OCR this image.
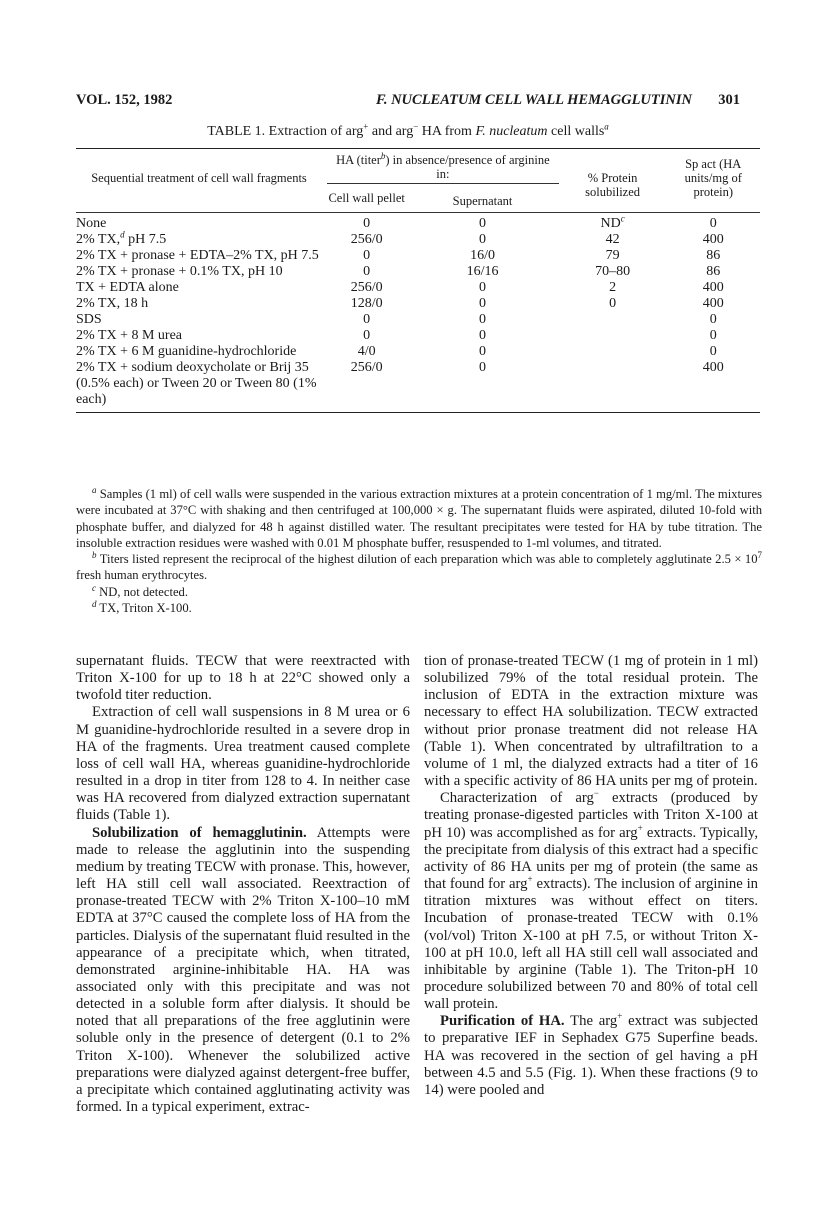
VOL. 152, 1982	F. NUCLEATUM CELL WALL HEMAGGLUTININ 301
TABLE 1. Extraction of arg+ and arg− HA from F. nucleatum cell walls$^a$
Sequential treatment of cell wall fragments	HA (titer$^b$) in absence/presence of arginine in:		% Protein solubilized	Sp act (HA units/mg of protein)
	Cell wall pellet	Supernatant		
None	0	0	$ND^c$	0
2% TX,$^d$ pH 7.5	256/0	0	42	400
2% TX + pronase + EDTA–2% TX, pH 7.5	0	16/0	79	86
2% TX + pronase + 0.1% TX, pH 10	0	16/16	70–80	86
TX + EDTA alone	256/0	0	2	400
2% TX, 18 h	128/0	0	0	400
SDS	0	0		0
2% TX + 8 M urea	0	0		0
2% TX + 6 M guanidine-hydrochloride	4/0	0		0
2% TX + sodium deoxycholate or Brij 35 (0.5% each) or Tween 20 or Tween 80 (1% each)	256/0	0		400

$^a$ Samples (1 ml) of cell walls were suspended in the various extraction mixtures at a protein concentration of 1 mg/ml. The mixtures were incubated at 37°C with shaking and then centrifuged at 100,000 × g. The supernatant fluids were aspirated, diluted 10-fold with phosphate buffer, and dialyzed for 48 h against distilled water. The resultant precipitates were tested for HA by tube titration. The insoluble extraction residues were washed with 0.01 M phosphate buffer, resuspended to 1-ml volumes, and titrated.

$^b$ Titers listed represent the reciprocal of the highest dilution of each preparation which was able to completely agglutinate $2.5 \times 10^7$ fresh human erythrocytes.

$^c$ ND, not detected.

$^d$ TX, Triton X-100.

supernatant fluids. TECW that were reextracted with Triton X-100 for up to 18 h at 22°C showed only a twofold titer reduction.

Extraction of cell wall suspensions in 8 M urea or 6 M guanidine-hydrochloride resulted in a severe drop in HA of the fragments. Urea treatment caused complete loss of cell wall HA, whereas guanidine-hydrochloride resulted in a drop in titer from 128 to 4. In neither case was HA recovered from dialyzed extraction supernatant fluids (Table 1).

Solubilization of hemagglutinin. Attempts were made to release the agglutinin into the suspending medium by treating TECW with pronase. This, however, left HA still cell wall associated. Reextraction of pronase-treated TECW with 2% Triton X-100–10 mM EDTA at 37°C caused the complete loss of HA from the particles. Dialysis of the supernatant fluid resulted in the appearance of a precipitate which, when titrated, demonstrated arginine-inhibitable HA. HA was associated only with this precipitate and was not detected in a soluble form after dialysis. It should be noted that all preparations of the free agglutinin were soluble only in the presence of detergent (0.1 to 2% Triton X-100). Whenever the solubilized active preparations were dialyzed against detergent-free buffer, a precipitate which contained agglutinating activity was formed. In a typical experiment, extrac-

tion of pronase-treated TECW (1 mg of protein in 1 ml) solubilized 79% of the total residual protein. The inclusion of EDTA in the extraction mixture was necessary to effect HA solubilization. TECW extracted without prior pronase treatment did not release HA (Table 1). When concentrated by ultrafiltration to a volume of 1 ml, the dialyzed extracts had a titer of 16 with a specific activity of 86 HA units per mg of protein.

Characterization of arg− extracts (produced by treating pronase-digested particles with Triton X-100 at pH 10) was accomplished as for arg+ extracts. Typically, the precipitate from dialysis of this extract had a specific activity of 86 HA units per mg of protein (the same as that found for arg+ extracts). The inclusion of arginine in titration mixtures was without effect on titers. Incubation of pronase-treated TECW with 0.1% (vol/vol) Triton X-100 at pH 7.5, or without Triton X-100 at pH 10.0, left all HA still cell wall associated and inhibitable by arginine (Table 1). The Triton-pH 10 procedure solubilized between 70 and 80% of total cell wall protein.

Purification of HA. The arg+ extract was subjected to preparative IEF in Sephadex G75 Superfine beads. HA was recovered in the section of gel having a pH between 4.5 and 5.5 (Fig. 1). When these fractions (9 to 14) were pooled and
